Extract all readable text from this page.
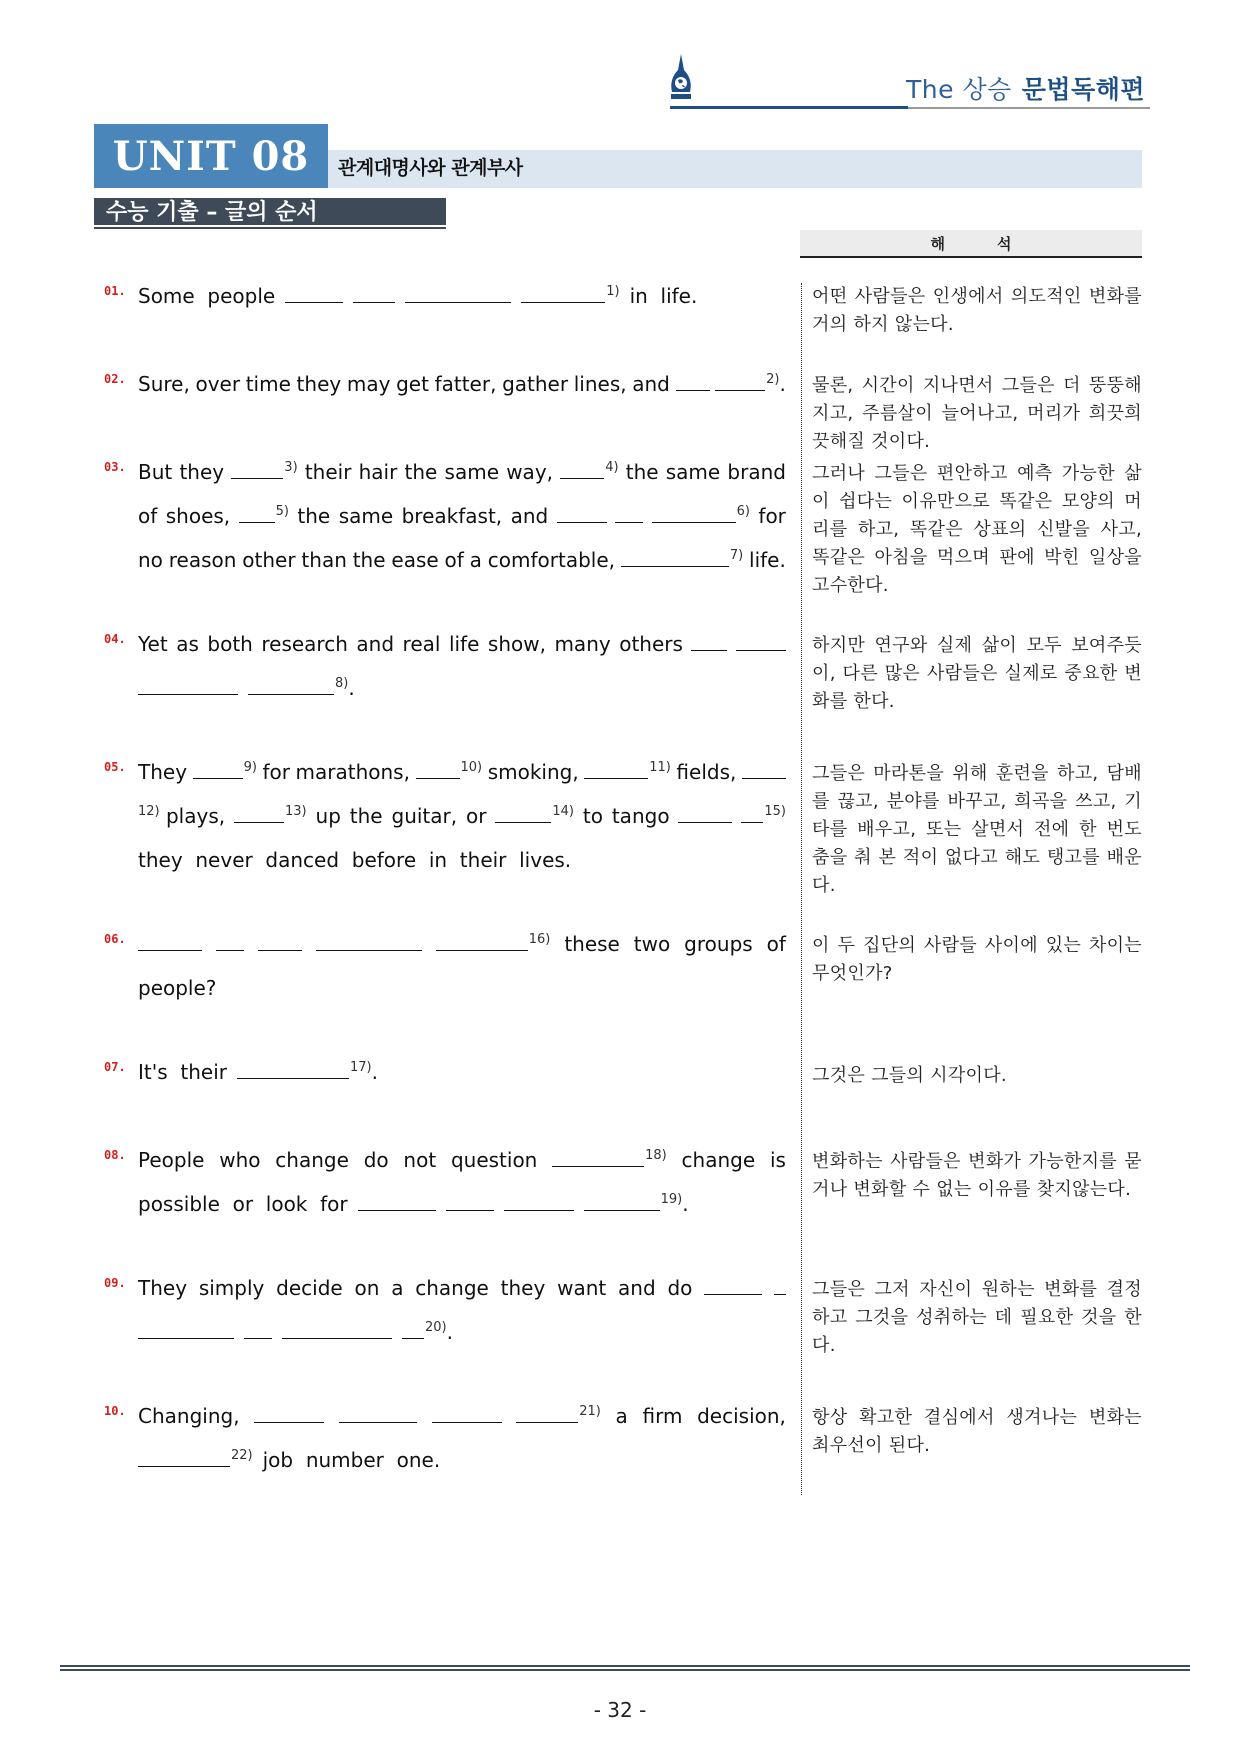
The 상승 문법독해편
UNIT 08	관계대명사와 관계부사
수능 기출 – 글의 순서
해석
01. Some  people	$^{1)}$ in  life.	어떤 사람들은 인생에서 의도적인 변화를 거의 하지 않는다.
02. Sure, over time they may get fatter, gather lines, and	$^{2)}$. 물론, 시간이 지나면서 그들은 더 뚱뚱해지고, 주름살이 늘어나고, 머리가 희끗희끗해질 것이다.
03. But they	$^{3)}$ their hair the same way,	$^{4)}$ the same brand
of shoes,	$^{5)}$ the same breakfast, and	$^{6)}$ for
no reason other than the ease of a comfortable,	$^{7)}$ life.
그러나 그들은 편안하고 예측 가능한 삶이 쉽다는 이유만으로 똑같은 모양의 머리를 하고, 똑같은 상표의 신발을 사고, 똑같은 아침을 먹으며 판에 박힌 일상을 고수한다.
04. Yet as both research and real life show, many others
$^{8)}$.
하지만 연구와 실제 삶이 모두 보여주듯이, 다른 많은 사람들은 실제로 중요한 변화를 한다.
05. They	$^{9)}$ for marathons,	$^{10)}$ smoking,	$^{11)}$ fields,
$^{12)}$ plays,	$^{13)}$ up the guitar, or	$^{14)}$ to tango	$^{15)}$
they  never  danced  before  in  their  lives.
그들은 마라톤을 위해 훈련을 하고, 담배를 끊고, 분야를 바꾸고, 희곡을 쓰고, 기타를 배우고, 또는 살면서 전에 한 번도 춤을 춰 본 적이 없다고 해도 탱고를 배운다.
06.	$^{16)}$ these two groups of
people?
이 두 집단의 사람들 사이에 있는 차이는 무엇인가?
07. It's  their	$^{17)}$.	그것은 그들의 시각이다.
08. People who change do not question	$^{18)}$ change is
possible  or  look  for	$^{19)}$.
변화하는 사람들은 변화가 가능한지를 묻거나 변화할 수 없는 이유를 찾지않는다.
09. They simply decide on a change they want and do
$^{20)}$.
그들은 그저 자신이 원하는 변화를 결정하고 그것을 성취하는 데 필요한 것을 한다.
10. Changing,	$^{21)}$ a firm decision,
$^{22)}$ job  number  one.
항상 확고한 결심에서 생겨나는 변화는 최우선이 된다.
- 32 -
